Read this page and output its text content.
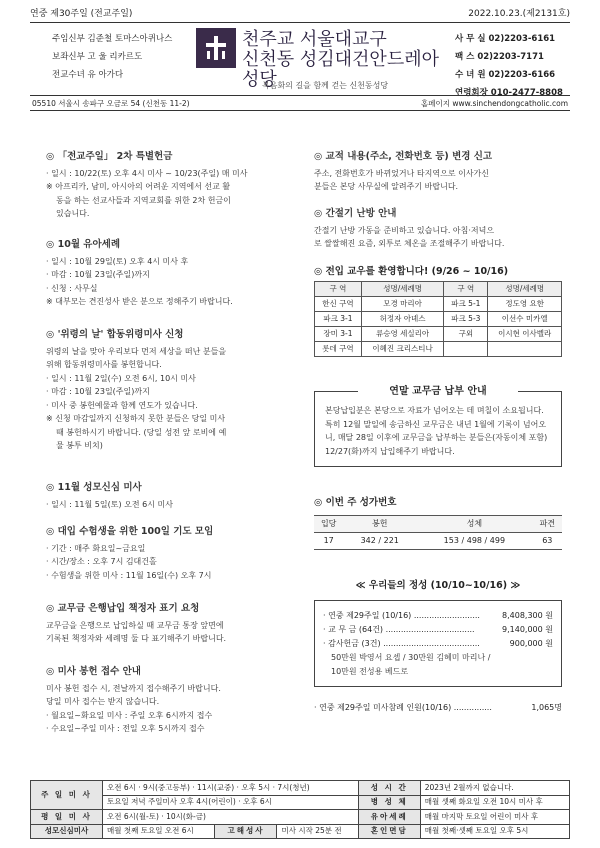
연중 제30주일 (전교주일)	2022.10.23.(제2131호)
주임신부 김준철 토마스아퀴나스
보좌신부 고 울 리카르도
전교수녀 유 아가다
천주교 서울대교구
신천동 성김대건안드레아 성당
복음화의 길을 함께 걷는 신천동성당
사 무 실 02)2203-6161
팩 스 02)2203-7171
수 녀 원 02)2203-6166
연령회장 010-2477-8808
05510 서울시 송파구 오금로 54 (신천동 11-2)	홈페이지 www.sinchendongcatholic.com
◎ 「전교주일」 2차 특별헌금
· 일시 : 10/22(토) 오후 4시 미사 ~ 10/23(주일) 매 미사
※ 아프리카, 남미, 아시아의 어려운 지역에서 선교 활
동을 하는 선교사들과 지역교회를 위한 2차 헌금이
있습니다.
◎ 10월 유아세례
· 일시 : 10월 29일(토) 오후 4시 미사 후
· 마감 : 10월 23일(주일)까지
· 신청 : 사무실
※ 대부모는 견진성사 받은 분으로 정해주기 바랍니다.
◎ '위령의 날' 합동위령미사 신청
위령의 날을 맞아 우리보다 먼저 세상을 떠난 분들을
위해 합동위령미사를 봉헌합니다.
· 일시 : 11월 2일(수) 오전 6시, 10시 미사
· 마감 : 10월 23일(주일)까지
· 미사 중 봉헌예물과 함께 연도가 있습니다.
※ 신청 마감일까지 신청하지 못한 분들은 당일 미사
때 봉헌하시기 바랍니다. (당일 성전 앞 로비에 예
물 봉투 비치)
◎ 11월 성모신심 미사
· 일시 : 11월 5일(토) 오전 6시 미사
◎ 대입 수험생을 위한 100일 기도 모임
· 기간 : 매주 화요일~금요일
· 시간/장소 : 오후 7시 김대건홀
· 수험생을 위한 미사 : 11월 16일(수) 오후 7시
◎ 교무금 은행납입 책정자 표기 요청
교무금을 은행으로 납입하실 때 교무금 통장 앞면에
기록된 책정자와 세례명 둘 다 표기해주기 바랍니다.
◎ 미사 봉헌 접수 안내
미사 봉헌 접수 시, 전날까지 접수해주기 바랍니다.
당일 미사 접수는 받지 않습니다.
· 월요일~화요일 미사 : 주일 오후 6시까지 접수
· 수요일~주일 미사 : 전일 오후 5시까지 접수
◎ 교적 내용(주소, 전화번호 등) 변경 신고
주소, 전화번호가 바뀌었거나 타지역으로 이사가신
분들은 본당 사무실에 알려주기 바랍니다.
◎ 간절기 난방 안내
간절기 난방 가동을 준비하고 있습니다. 아침·저녁으
로 쌀쌀해진 요즘, 외투로 체온을 조절해주기 바랍니다.
◎ 전입 교우를 환영합니다! (9/26 ~ 10/16)
구 역	성명/세례명	구 역	성명/세례명
한신 구역	모경 마리아	파크 5-1	정도영 요한
파크 3-1	허정자 아녜스	파크 5-3	이선수 미카엘
장미 3-1	류승영 세실리아	구외	이시현 이사벨라
롯데 구역	이혜진 크리스티나		
연말 교무금 납부 안내
본당납입분은 본당으로 자료가 넘어오는 데 며칠이 소요됩니다. 특히 12월 말일에 송금하신 교무금은 내년 1월에 기록이 넘어오니, 매달 28일 이후에 교무금을 납부하는 분들은(자동이체 포함) 12/27(화)까지 납입해주기 바랍니다.
◎ 이번 주 성가번호
입당	봉헌	성체	파견
17	342 / 221	153 / 498 / 499	63
≪ 우리들의 정성 (10/10~10/16) ≫
· 연중 제29주일 (10/16) ..........................	8,408,300 원
· 교 무 금 (64건) ...................................	9,140,000 원
· 감사헌금 (3건) ......................................	900,000 원
50만원 박영서 요셉 / 30만원 김혜미 마리나 /
10만원 전성용 베드로
· 연중 제29주일 미사참례 인원(10/16) ...............	1,065명
주 일 미 사	오전 6시 · 9시(중고등부) · 11시(교중) · 오후 5시 · 7시(청년)			성 시 간	2023년 2월까지 없습니다.
	토요일 저녁 주일미사 오후 4시(어린이) · 오후 6시			병 성 체	매월 셋째 화요일 오전 10시 미사 후
평 일 미 사	오전 6시(월-토) · 10시(화-금)			유아세례	매월 마지막 토요일 어린이 미사 후
성모신심미사	매월 첫째 토요일 오전 6시	고해성사	미사 시작 25분 전	혼인면담	매월 첫째·셋째 토요일 오후 5시
